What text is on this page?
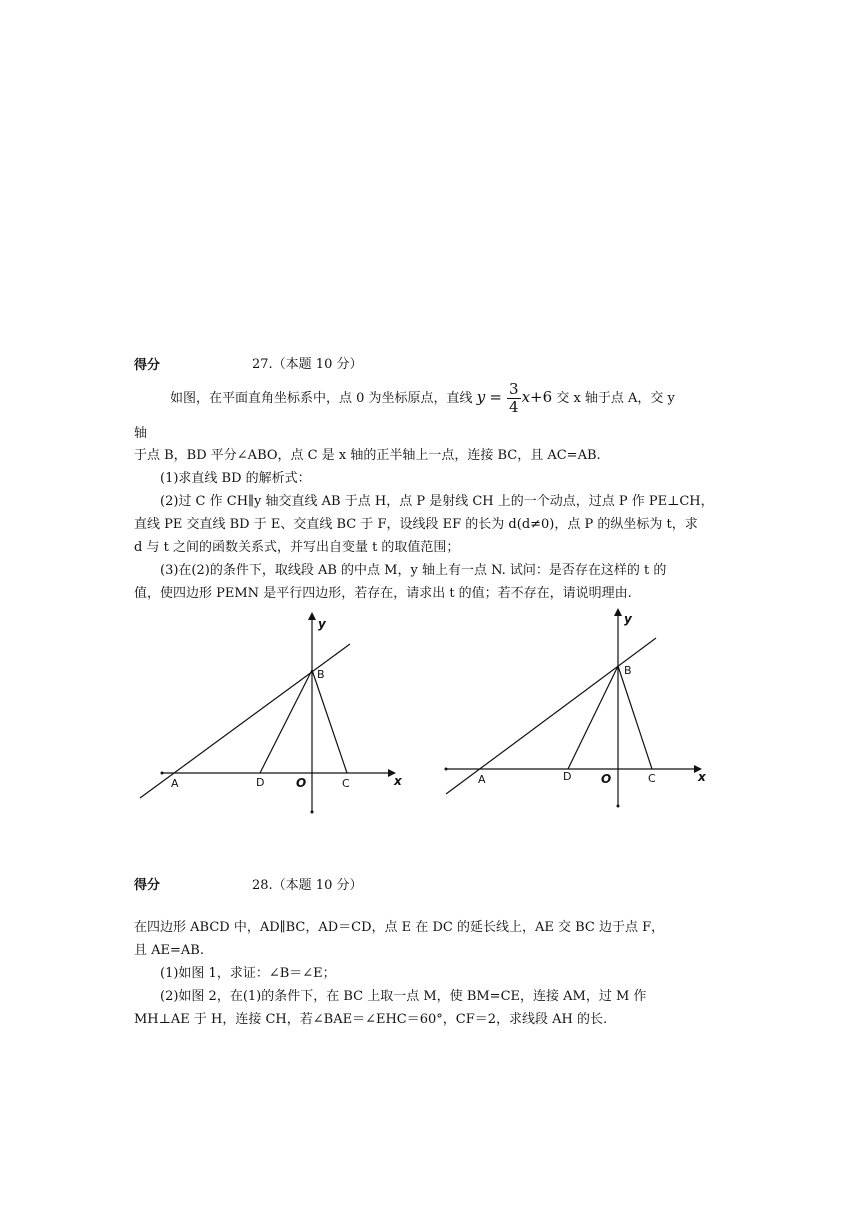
得分	27.（本题 10 分）
如图，在平面直角坐标系中，点 0 为坐标原点，直线 $y = \frac{3}{4} x+6$ 交 x 轴于点 A，交 y
轴
于点 B，BD 平分∠ABO，点 C 是 x 轴的正半轴上一点，连接 BC，且 AC=AB.
(1)求直线 BD 的解析式：
(2)过 C 作 CH∥y 轴交直线 AB 于点 H，点 P 是射线 CH 上的一个动点，过点 P 作 PE⊥CH，
直线 PE 交直线 BD 于 E、交直线 BC 于 F，设线段 EF 的长为 d(d≠0)，点 P 的纵坐标为 t，求
d 与 t 之间的函数关系式，并写出自变量 t 的取值范围；
(3)在(2)的条件下，取线段 AB 的中点 M，y 轴上有一点 N. 试问：是否存在这样的 t 的
值，使四边形 PEMN 是平行四边形，若存在，请求出 t 的值；若不存在，请说明理由.
A
B
D	O	C	x
y
A
B
D O	C	x
y
得分	28.（本题 10 分）
在四边形 ABCD 中，AD∥BC，AD＝CD，点 E 在 DC 的延长线上，AE 交 BC 边于点 F，
且 AE=AB.
(1)如图 1，求证：∠B＝∠E；
(2)如图 2，在(1)的条件下，在 BC 上取一点 M，使 BM=CE，连接 AM，过 M 作
MH⊥AE 于 H，连接 CH，若∠BAE＝∠EHC＝60°，CF＝2，求线段 AH 的长.
